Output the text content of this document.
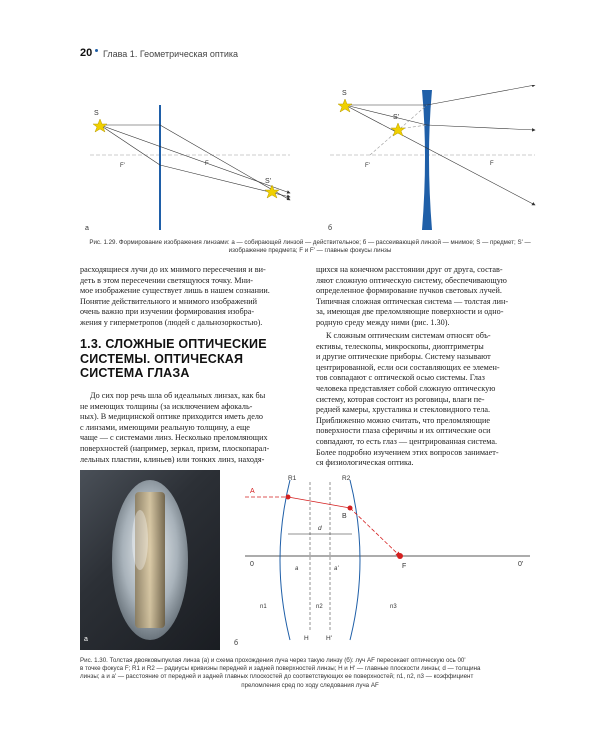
20 Глава 1. Геометрическая оптика
S
S'
F'	F
а
S
S'
F'	F
б
Рис. 1.29. Формирование изображения линзами: а — собирающей линзой — действительное; б — рассеивающей линзой — мнимое; S — предмет; S' — изображение предмета; F и F' — главные фокусы линзы
расходящиеся лучи до их мнимого пересечения и ви-
деть в этом пересечении светящуюся точку. Мни-
мое изображение существует лишь в нашем сознании.
Понятие действительного и мнимого изображений
очень важно при изучении формирования изобра-
жения у гиперметропов (людей с дальнозоркостью).
1.3. СЛОЖНЫЕ ОПТИЧЕСКИЕ
СИСТЕМЫ. ОПТИЧЕСКАЯ
СИСТЕМА ГЛАЗА
До сих пор речь шла об идеальных линзах, как бы
не имеющих толщины (за исключением афокаль-
ных). В медицинской оптике приходится иметь дело
с линзами, имеющими реальную толщину, а еще
чаще — с системами линз. Несколько преломляющих
поверхностей (например, зеркал, призм, плоскопарал-
лельных пластин, клиньев) или тонких линз, находя-
щихся на конечном расстоянии друг от друга, состав-
ляют сложную оптическую систему, обеспечивающую
определенное формирование пучков световых лучей.
Типичная сложная оптическая система — толстая лин-
за, имеющая две преломляющие поверхности и одно-
родную среду между ними (рис. 1.30).
К сложным оптическим системам относят объ-
ективы, телескопы, микроскопы, диоптриметры
и другие оптические приборы. Систему называют
центрированной, если оси составляющих ее элемен-
тов совпадают с оптической осью системы. Глаз
человека представляет собой сложную оптическую
систему, которая состоит из роговицы, влаги пе-
редней камеры, хрусталика и стекловидного тела.
Приближенно можно считать, что преломляющие
поверхности глаза сферичны и их оптические оси
совпадают, то есть глаз — центрированная система.
Более подробно изучением этих вопросов занимает-
ся физиологическая оптика.
а
A
B
R1	R2
d
a	a'
0	0'
F
n1	n2	n3
H	H'
б
Рис. 1.30. Толстая двояковыпуклая линза (а) и схема прохождения луча через такую линзу (б): луч AF пересекает оптическую ось 00'
в точке фокуса F; R1 и R2 — радиусы кривизны передней и задней поверхностей линзы; H и H' — главные плоскости линзы; d — толщина
линзы; a и a' — расстояние от передней и задней главных плоскостей до соответствующих ее поверхностей; n1, n2, n3 — коэффициент
преломления сред по ходу следования луча AF
